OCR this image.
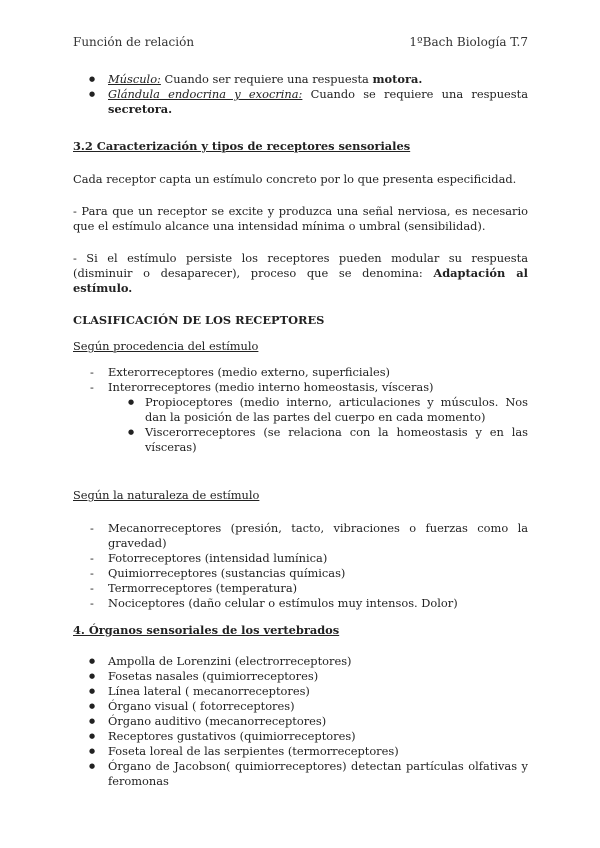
Función de relación	1ºBach Biología T.7

● Músculo: Cuando ser requiere una respuesta motora.

● Glándula endocrina y exocrina: Cuando se requiere una respuesta secretora.

3.2 Caracterización y tipos de receptores sensoriales

Cada receptor capta un estímulo concreto por lo que presenta especificidad.

- Para que un receptor se excite y produzca una señal nerviosa, es necesario que el estímulo alcance una intensidad mínima o umbral (sensibilidad).

- Si el estímulo persiste los receptores pueden modular su respuesta (disminuir o desaparecer), proceso que se denomina: Adaptación al estímulo.

CLASIFICACIÓN DE LOS RECEPTORES

Según procedencia del estímulo

- Exterorreceptores (medio externo, superficiales)

- Interorreceptores (medio interno homeostasis, vísceras)

● Propioceptores (medio interno, articulaciones y músculos. Nos dan la posición de las partes del cuerpo en cada momento)

● Viscerorreceptores (se relaciona con la homeostasis y en las vísceras)

Según la naturaleza de estímulo

- Mecanorreceptores (presión, tacto, vibraciones o fuerzas como la gravedad)

- Fotorreceptores (intensidad lumínica)

- Quimiorreceptores (sustancias químicas)

- Termorreceptores (temperatura)

- Nociceptores (daño celular o estímulos muy intensos. Dolor)

4. Órganos sensoriales de los vertebrados

● Ampolla de Lorenzini (electrorreceptores)

● Fosetas nasales (quimiorreceptores)

● Línea lateral ( mecanorreceptores)

● Órgano visual ( fotorreceptores)

● Órgano auditivo (mecanorreceptores)

● Receptores gustativos (quimiorreceptores)

● Foseta loreal de las serpientes (termorreceptores)

● Órgano de Jacobson( quimiorreceptores) detectan partículas olfativas y feromonas
